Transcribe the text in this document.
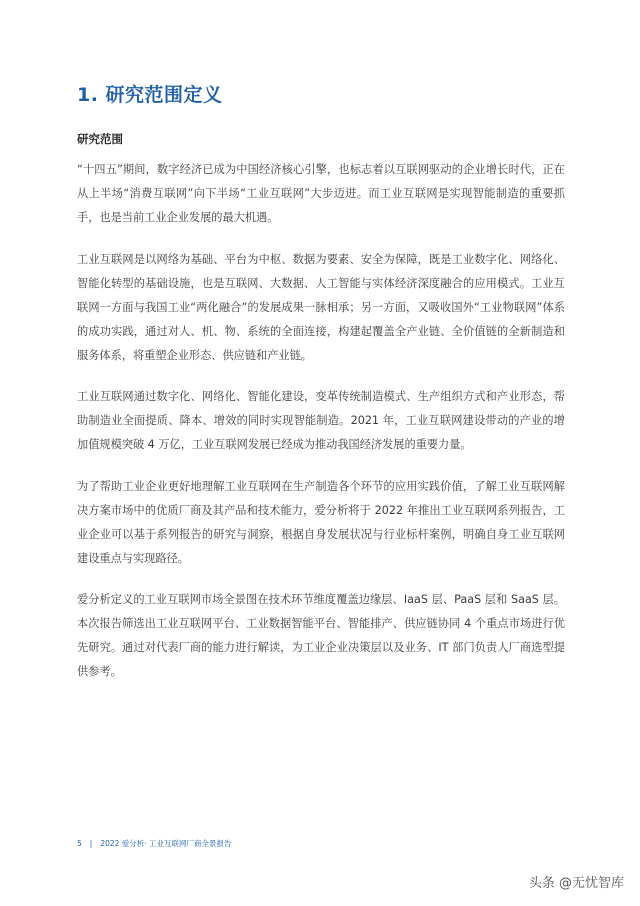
1. 研究范围定义
研究范围

“十四五”期间，数字经济已成为中国经济核心引擎，也标志着以互联网驱动的企业增长时代，正在从上半场“消费互联网”向下半场“工业互联网”大步迈进。而工业互联网是实现智能制造的重要抓手，也是当前工业企业发展的最大机遇。

工业互联网是以网络为基础、平台为中枢、数据为要素、安全为保障，既是工业数字化、网络化、智能化转型的基础设施，也是互联网、大数据、人工智能与实体经济深度融合的应用模式。工业互联网一方面与我国工业“两化融合”的发展成果一脉相承；另一方面，又吸收国外“工业物联网”体系的成功实践，通过对人、机、物、系统的全面连接，构建起覆盖全产业链、全价值链的全新制造和服务体系，将重塑企业形态、供应链和产业链。

工业互联网通过数字化、网络化、智能化建设，变革传统制造模式、生产组织方式和产业形态，帮助制造业全面提质、降本、增效的同时实现智能制造。2021 年，工业互联网建设带动的产业的增加值规模突破 4 万亿，工业互联网发展已经成为推动我国经济发展的重要力量。

为了帮助工业企业更好地理解工业互联网在生产制造各个环节的应用实践价值，了解工业互联网解决方案市场中的优质厂商及其产品和技术能力，爱分析将于 2022 年推出工业互联网系列报告，工业企业可以基于系列报告的研究与洞察，根据自身发展状况与行业标杆案例，明确自身工业互联网建设重点与实现路径。

爱分析定义的工业互联网市场全景图在技术环节维度覆盖边缘层、IaaS 层、PaaS 层和 SaaS 层。本次报告筛选出工业互联网平台、工业数据智能平台、智能排产、供应链协同 4 个重点市场进行优先研究。通过对代表厂商的能力进行解读，为工业企业决策层以及业务、IT 部门负责人厂商选型提供参考。

5 | 2022 爱分析· 工业互联网厂商全景报告
头条 @无忧智库
